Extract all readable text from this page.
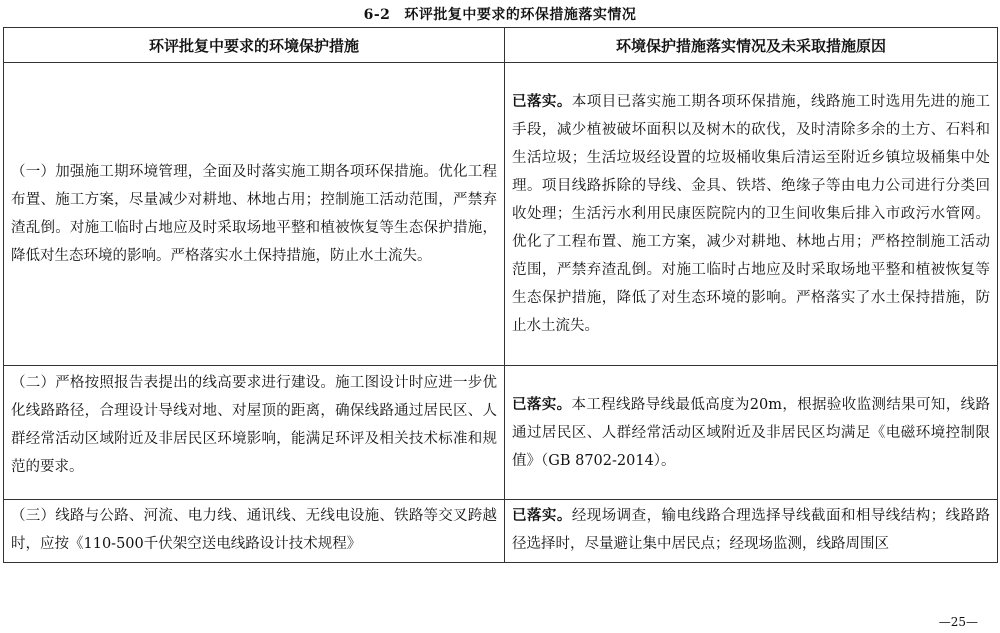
6-2 环评批复中要求的环保措施落实情况
环评批复中要求的环境保护措施	环境保护措施落实情况及未采取措施原因
（一）加强施工期环境管理，全面及时落实施工期各项环保措施。优化工程布置、施工方案，尽量减少对耕地、林地占用；控制施工活动范围，严禁弃渣乱倒。对施工临时占地应及时采取场地平整和植被恢复等生态保护措施，降低对生态环境的影响。严格落实水土保持措施，防止水土流失。	已落实。本项目已落实施工期各项环保措施，线路施工时选用先进的施工手段，减少植被破坏面积以及树木的砍伐，及时清除多余的土方、石料和生活垃圾；生活垃圾经设置的垃圾桶收集后清运至附近乡镇垃圾桶集中处理。项目线路拆除的导线、金具、铁塔、绝缘子等由电力公司进行分类回收处理；生活污水利用民康医院院内的卫生间收集后排入市政污水管网。优化了工程布置、施工方案，减少对耕地、林地占用；严格控制施工活动范围，严禁弃渣乱倒。对施工临时占地应及时采取场地平整和植被恢复等生态保护措施，降低了对生态环境的影响。严格落实了水土保持措施，防止水土流失。
（二）严格按照报告表提出的线高要求进行建设。施工图设计时应进一步优化线路路径，合理设计导线对地、对屋顶的距离，确保线路通过居民区、人群经常活动区域附近及非居民区环境影响，能满足环评及相关技术标准和规范的要求。	已落实。本工程线路导线最低高度为20m，根据验收监测结果可知，线路通过居民区、人群经常活动区域附近及非居民区均满足《电磁环境控制限值》（GB 8702-2014）。
（三）线路与公路、河流、电力线、通讯线、无线电设施、铁路等交叉跨越时，应按《110-500千伏架空送电线路设计技术规程》	已落实。经现场调查，输电线路合理选择导线截面和相导线结构；线路路径选择时，尽量避让集中居民点；经现场监测，线路周围区
—25—
